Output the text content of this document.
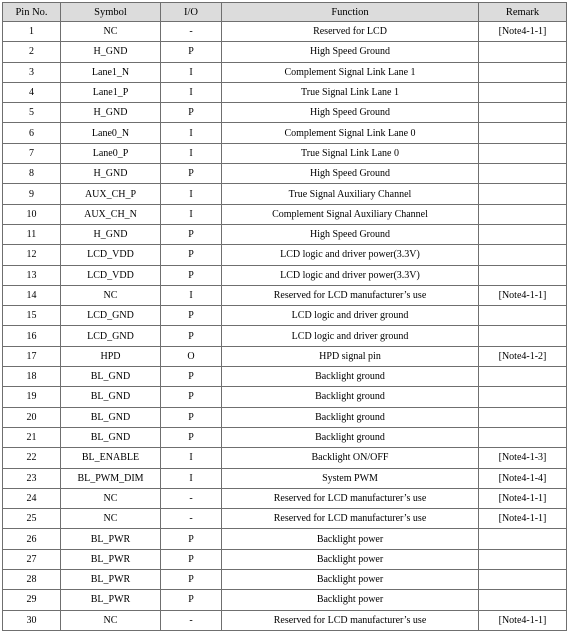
Pin No.	Symbol	I/O	Function	Remark
1	NC	-	Reserved for LCD	[Note4-1-1]
2	H_GND	P	High Speed Ground	
3	Lane1_N	I	Complement Signal Link Lane 1	
4	Lane1_P	I	True Signal Link Lane 1	
5	H_GND	P	High Speed Ground	
6	Lane0_N	I	Complement Signal Link Lane 0	
7	Lane0_P	I	True Signal Link Lane 0	
8	H_GND	P	High Speed Ground	
9	AUX_CH_P	I	True Signal Auxiliary Channel	
10	AUX_CH_N	I	Complement Signal Auxiliary Channel	
11	H_GND	P	High Speed Ground	
12	LCD_VDD	P	LCD logic and driver power(3.3V)	
13	LCD_VDD	P	LCD logic and driver power(3.3V)	
14	NC	I	Reserved for LCD manufacturer’s use	[Note4-1-1]
15	LCD_GND	P	LCD logic and driver ground	
16	LCD_GND	P	LCD logic and driver ground	
17	HPD	O	HPD signal pin	[Note4-1-2]
18	BL_GND	P	Backlight ground	
19	BL_GND	P	Backlight ground	
20	BL_GND	P	Backlight ground	
21	BL_GND	P	Backlight ground	
22	BL_ENABLE	I	Backlight ON/OFF	[Note4-1-3]
23	BL_PWM_DIM	I	System PWM	[Note4-1-4]
24	NC	-	Reserved for LCD manufacturer’s use	[Note4-1-1]
25	NC	-	Reserved for LCD manufacturer’s use	[Note4-1-1]
26	BL_PWR	P	Backlight power	
27	BL_PWR	P	Backlight power	
28	BL_PWR	P	Backlight power	
29	BL_PWR	P	Backlight power	
30	NC	-	Reserved for LCD manufacturer’s use	[Note4-1-1]
